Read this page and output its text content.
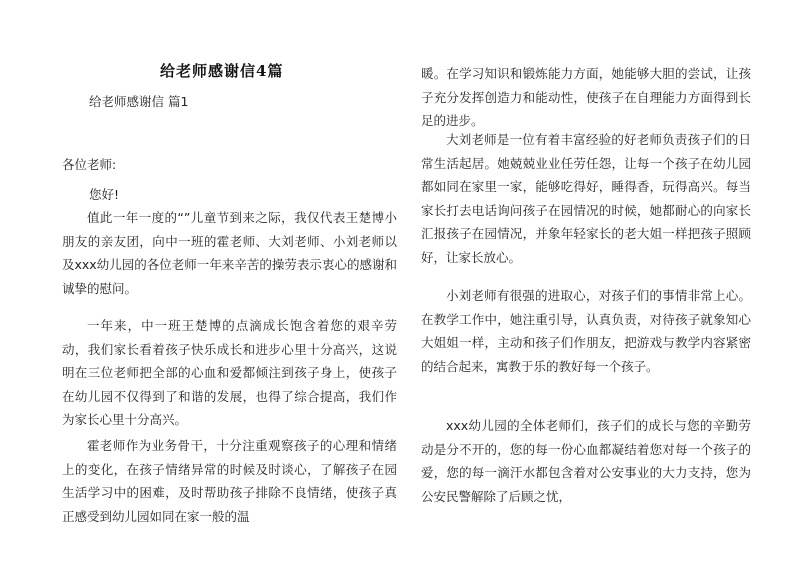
给老师感谢信4篇
给老师感谢信 篇1
各位老师:
您好!

值此一年一度的“”儿童节到来之际，我仅代表王楚博小朋友的亲友团，向中一班的霍老师、大刘老师、小刘老师以及xxx幼儿园的各位老师一年来辛苦的操劳表示衷心的感谢和诚挚的慰问。

一年来，中一班王楚博的点滴成长饱含着您的艰辛劳动，我们家长看着孩子快乐成长和进步心里十分高兴，这说明在三位老师把全部的心血和爱都倾注到孩子身上，使孩子在幼儿园不仅得到了和谐的发展，也得了综合提高，我们作为家长心里十分高兴。

霍老师作为业务骨干，十分注重观察孩子的心理和情绪上的变化，在孩子情绪异常的时候及时谈心，了解孩子在园生活学习中的困难，及时帮助孩子排除不良情绪，使孩子真正感受到幼儿园如同在家一般的温

暖。在学习知识和锻炼能力方面，她能够大胆的尝试，让孩子充分发挥创造力和能动性，使孩子在自理能力方面得到长足的进步。

大刘老师是一位有着丰富经验的好老师负责孩子们的日常生活起居。她兢兢业业任劳任怨，让每一个孩子在幼儿园都如同在家里一家，能够吃得好，睡得香，玩得高兴。每当家长打去电话询问孩子在园情况的时候，她都耐心的向家长汇报孩子在园情况，并象年轻家长的老大姐一样把孩子照顾好，让家长放心。

小刘老师有很强的进取心，对孩子们的事情非常上心。在教学工作中，她注重引导，认真负责，对待孩子就象知心大姐姐一样，主动和孩子们作朋友，把游戏与教学内容紧密的结合起来，寓教于乐的教好每一个孩子。

xxx幼儿园的全体老师们，孩子们的成长与您的辛勤劳动是分不开的，您的每一份心血都凝结着您对每一个孩子的爱，您的每一滴汗水都包含着对公安事业的大力支持，您为公安民警解除了后顾之忧，
